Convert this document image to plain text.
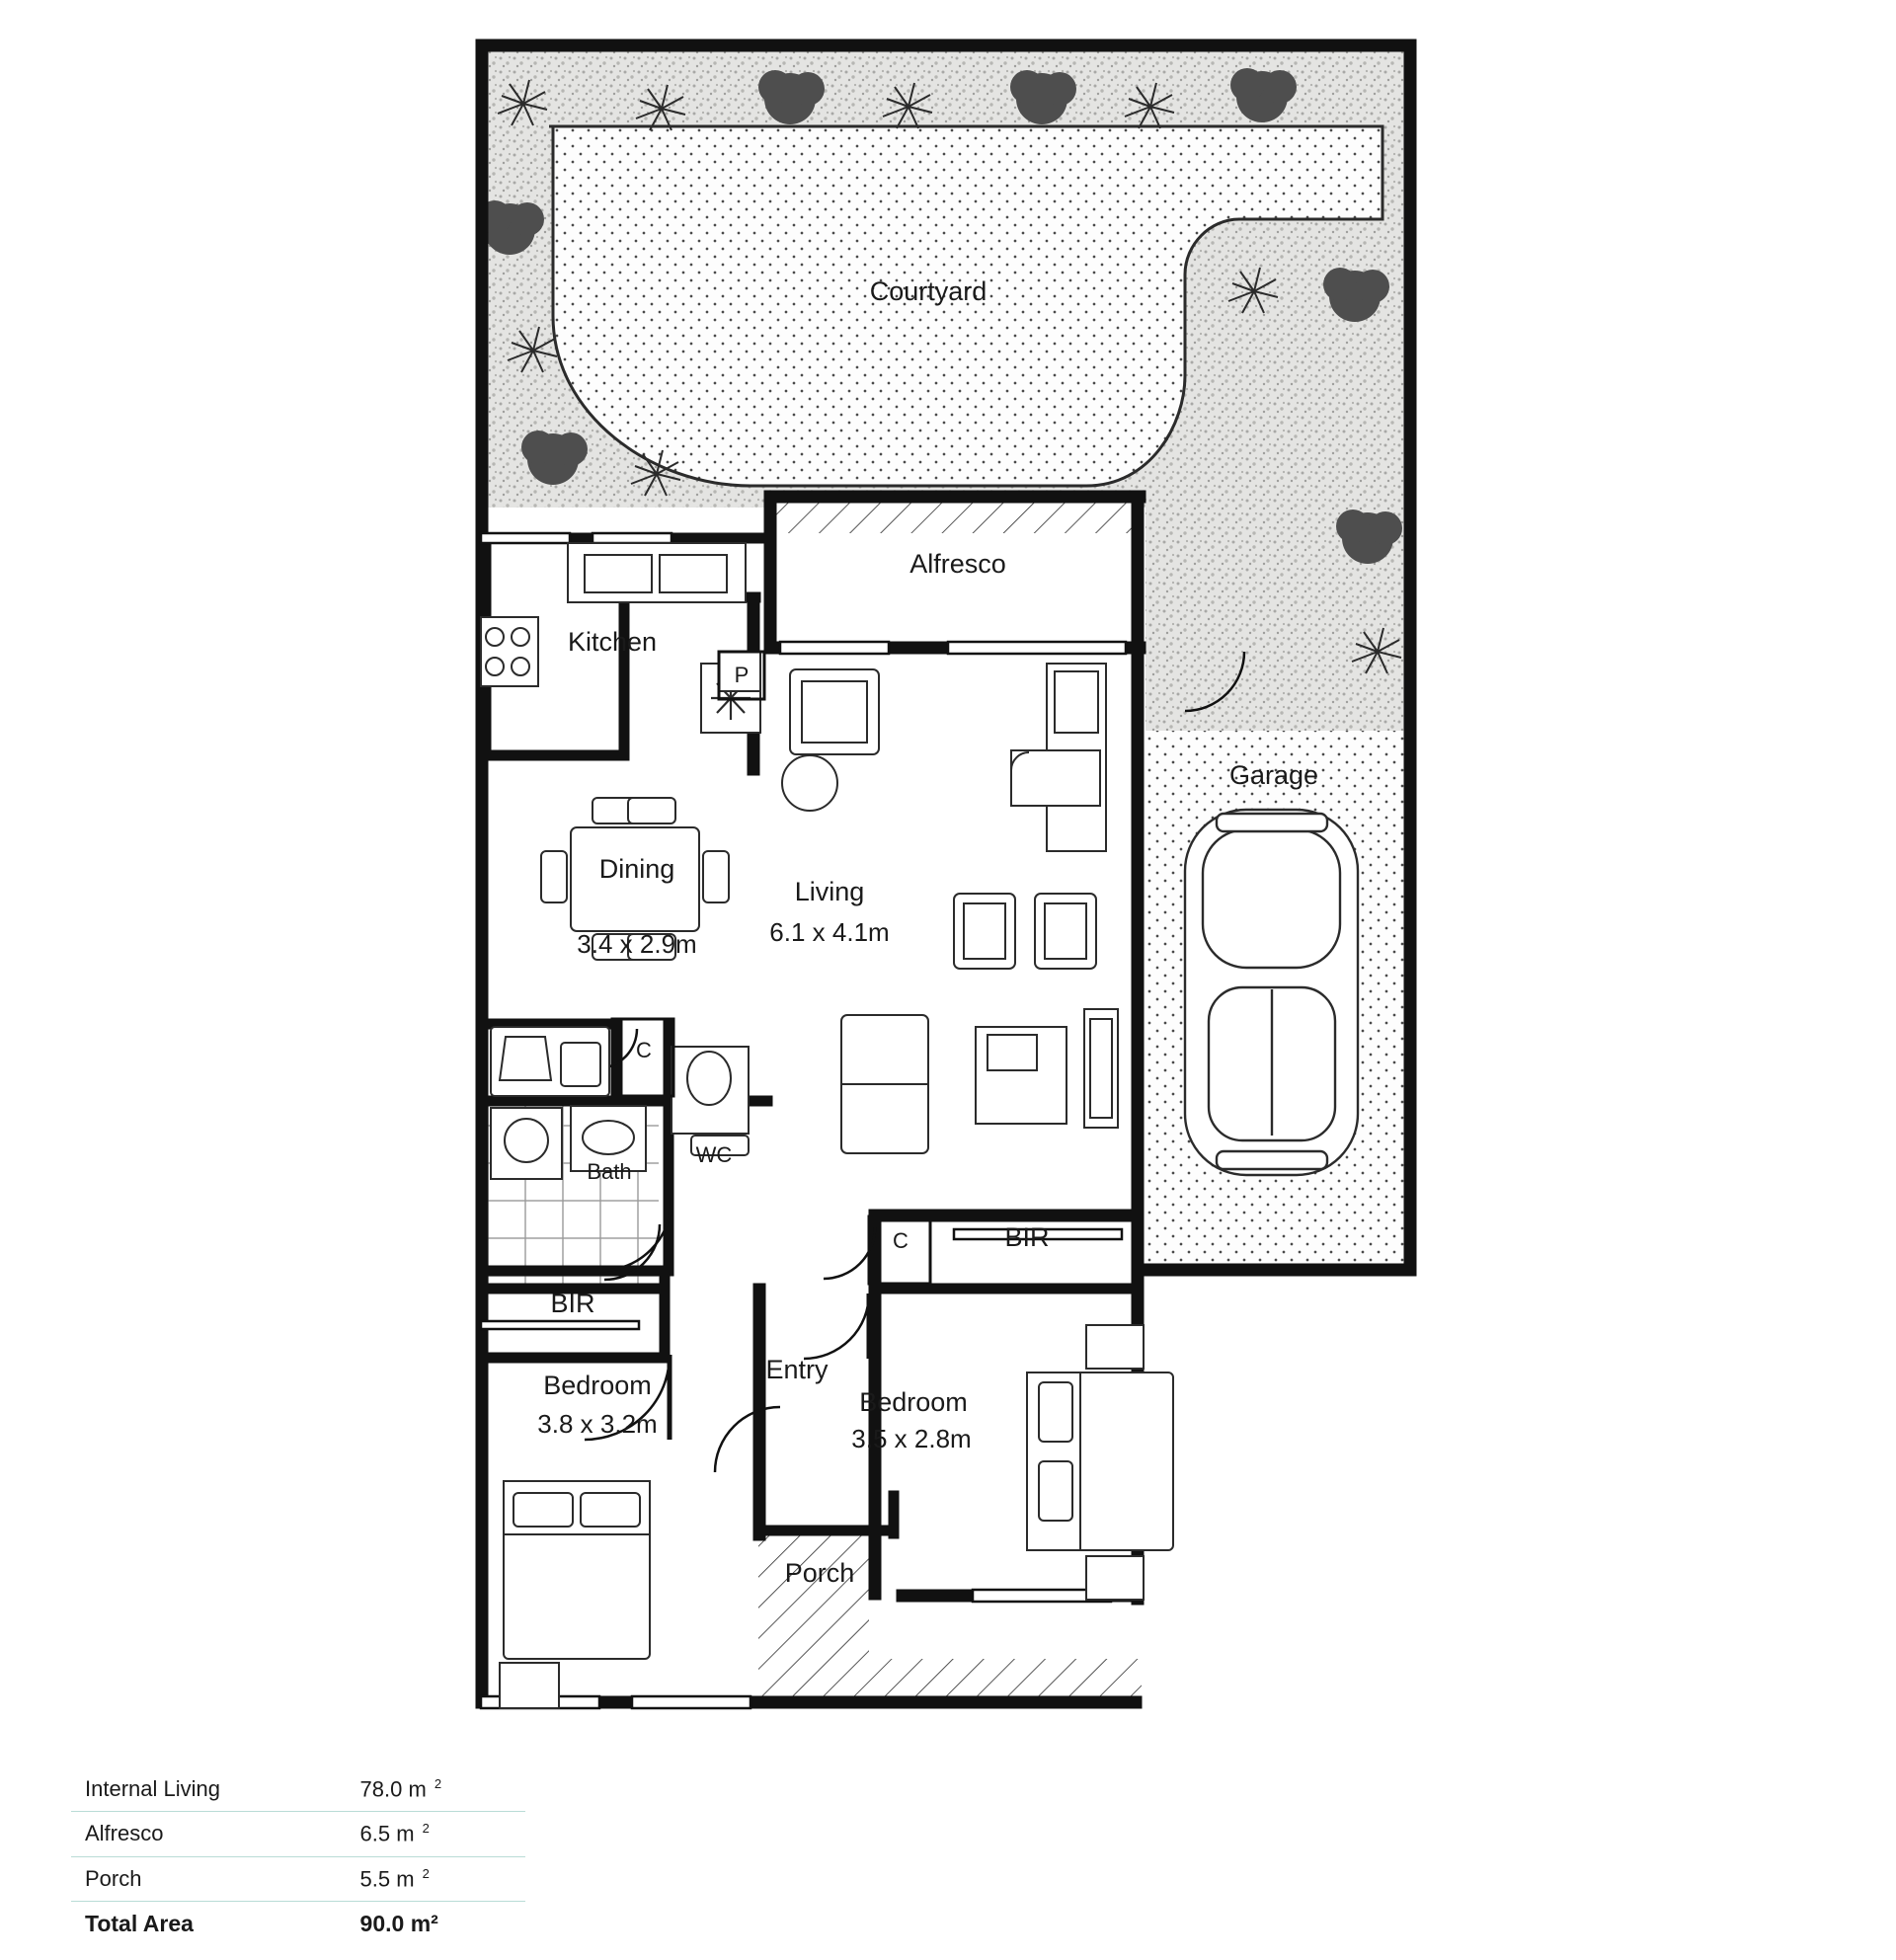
Courtyard
Alfresco
Kitchen
P
Dining
3.4 x 2.9m
Living
6.1 x 4.1m
Garage
Bath
WC
C
C
BIR
BIR
Bedroom
3.8 x 3.2m
Bedroom
3.5 x 2.8m
Entry
Porch
Internal Living	78.0 m $^2$
Alfresco	6.5 m $^2$
Porch	5.5 m $^2$
Total Area	90.0 m²
